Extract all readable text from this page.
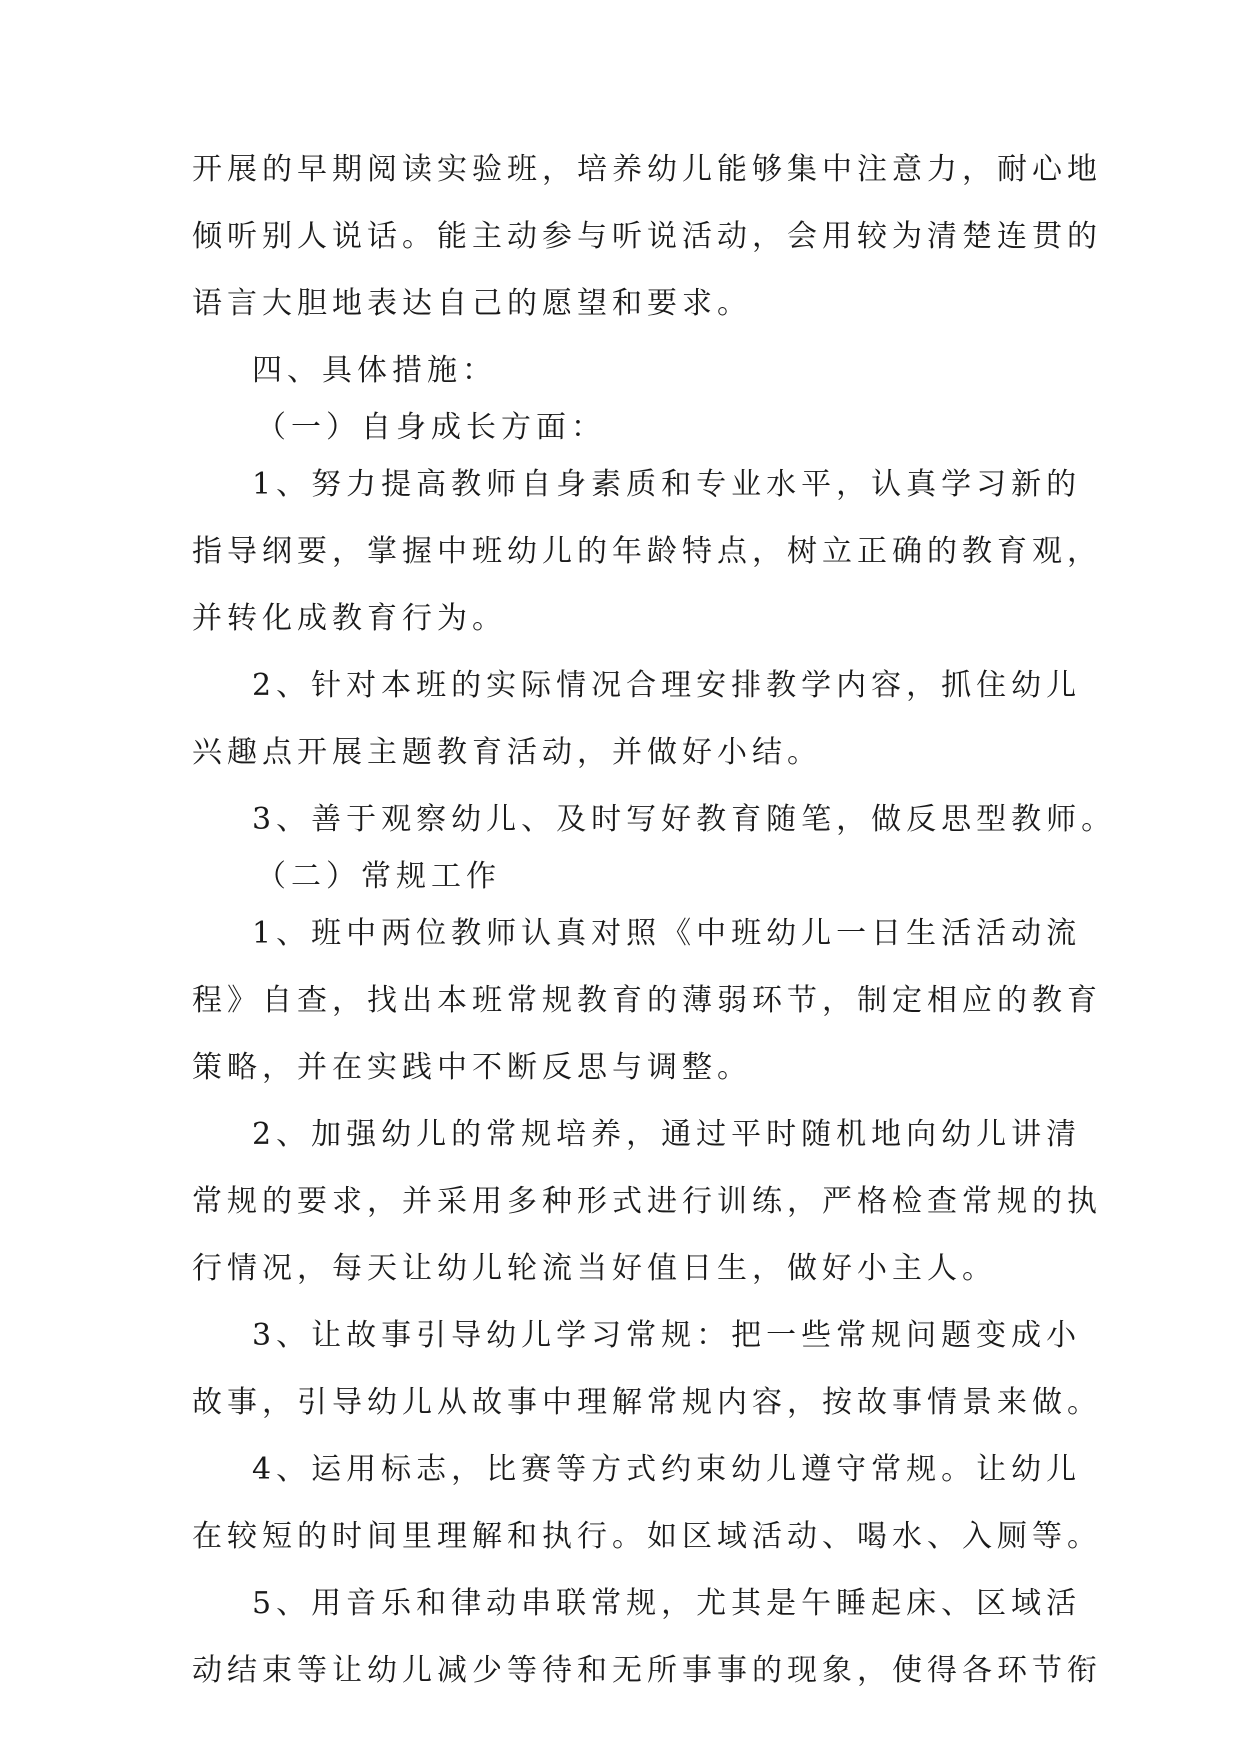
开展的早期阅读实验班，培养幼儿能够集中注意力，耐心地
倾听别人说话。能主动参与听说活动，会用较为清楚连贯的
语言大胆地表达自己的愿望和要求。
四、具体措施：
（一）自身成长方面：
1、努力提高教师自身素质和专业水平，认真学习新的
指导纲要，掌握中班幼儿的年龄特点，树立正确的教育观，
并转化成教育行为。
2、针对本班的实际情况合理安排教学内容，抓住幼儿
兴趣点开展主题教育活动，并做好小结。
3、善于观察幼儿、及时写好教育随笔，做反思型教师。
（二）常规工作
1、班中两位教师认真对照《中班幼儿一日生活活动流
程》自查，找出本班常规教育的薄弱环节，制定相应的教育
策略，并在实践中不断反思与调整。
2、加强幼儿的常规培养，通过平时随机地向幼儿讲清
常规的要求，并采用多种形式进行训练，严格检查常规的执
行情况，每天让幼儿轮流当好值日生，做好小主人。
3、让故事引导幼儿学习常规：把一些常规问题变成小
故事，引导幼儿从故事中理解常规内容，按故事情景来做。
4、运用标志，比赛等方式约束幼儿遵守常规。让幼儿
在较短的时间里理解和执行。如区域活动、喝水、入厕等。
5、用音乐和律动串联常规，尤其是午睡起床、区域活
动结束等让幼儿减少等待和无所事事的现象，使得各环节衔
